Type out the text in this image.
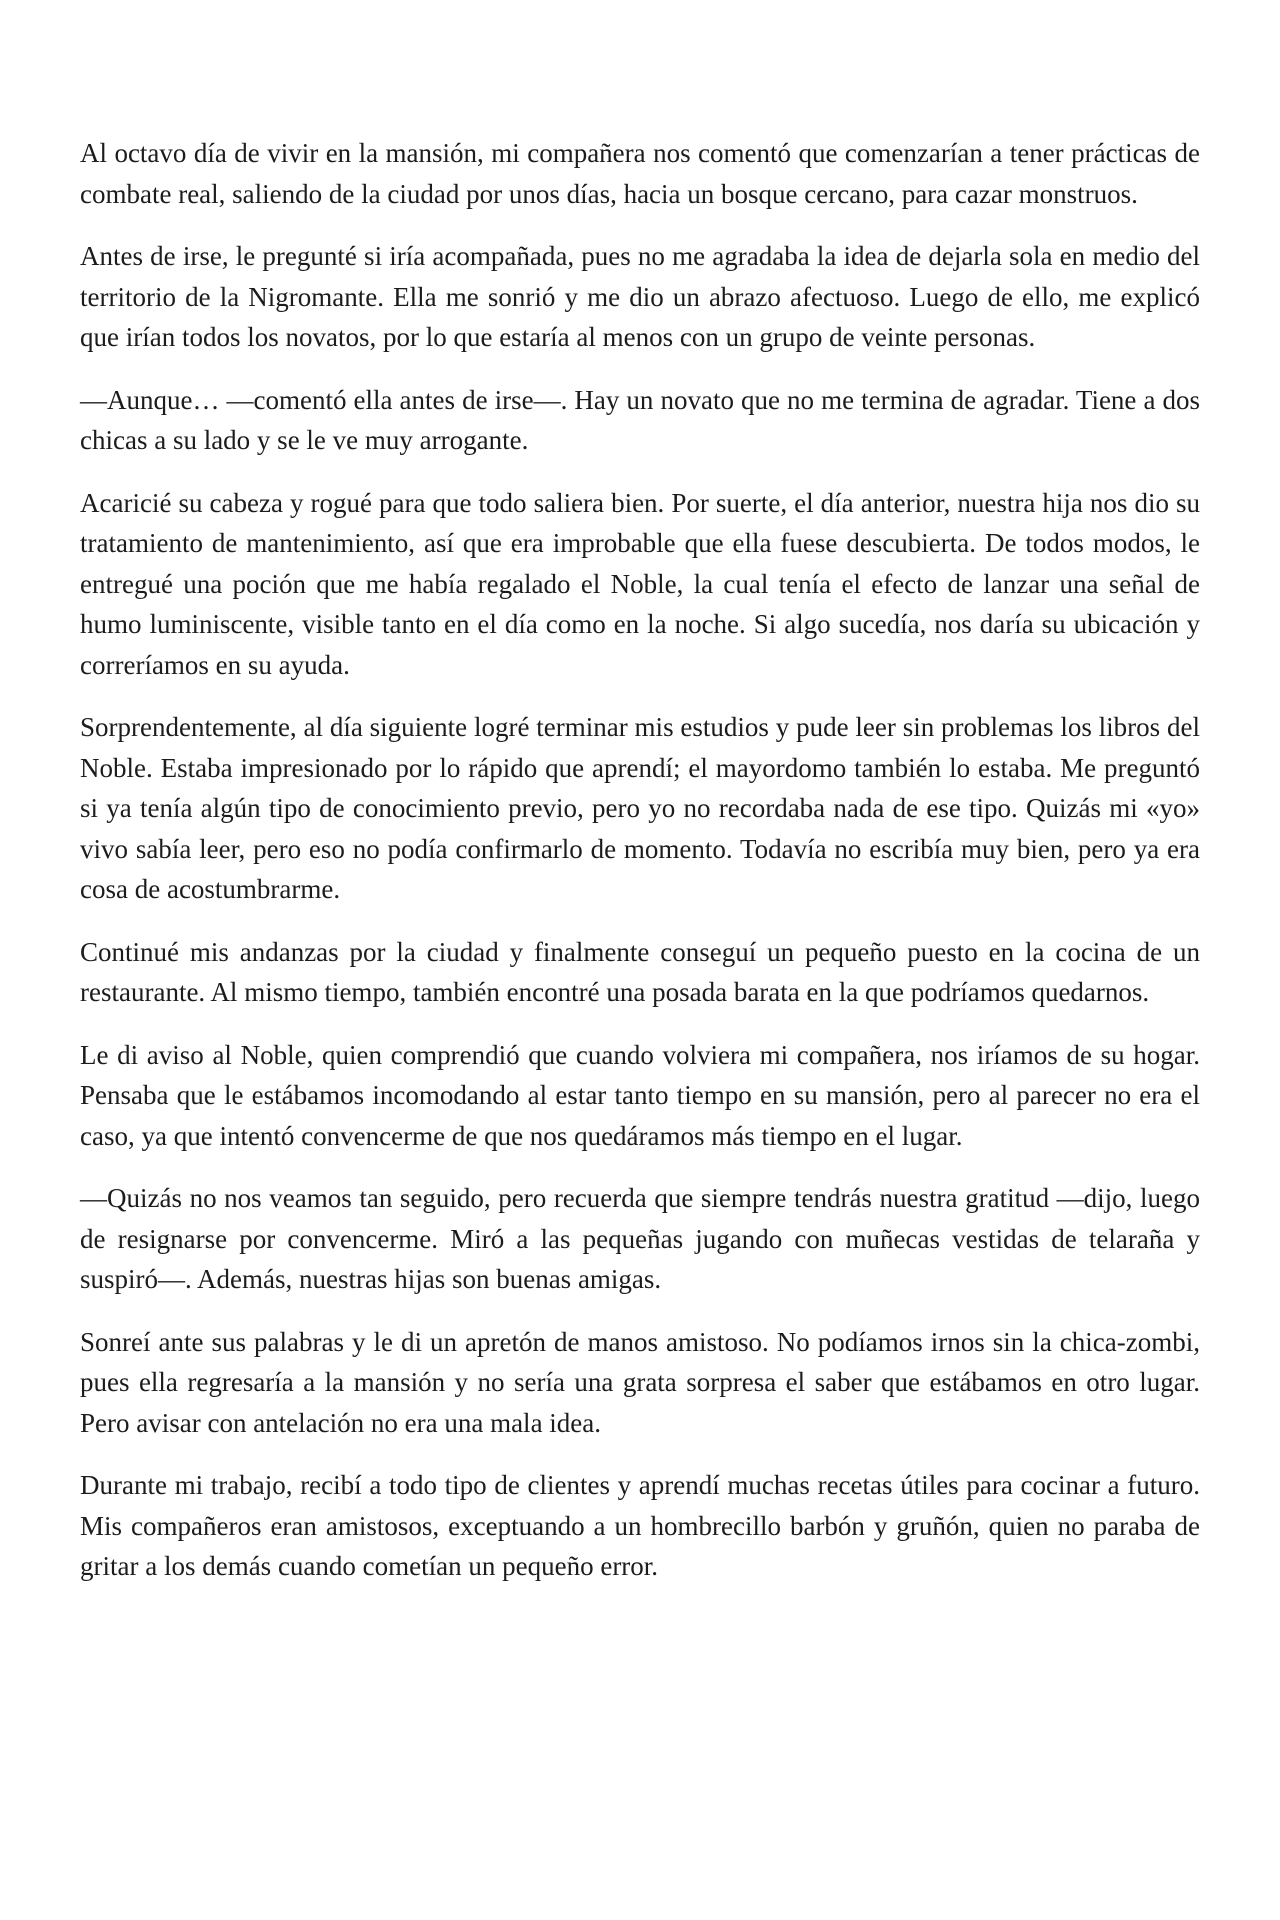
Al octavo día de vivir en la mansión, mi compañera nos comentó que comenzarían a tener prácticas de combate real, saliendo de la ciudad por unos días, hacia un bosque cercano, para cazar monstruos.

Antes de irse, le pregunté si iría acompañada, pues no me agradaba la idea de dejarla sola en medio del territorio de la Nigromante. Ella me sonrió y me dio un abrazo afectuoso. Luego de ello, me explicó que irían todos los novatos, por lo que estaría al menos con un grupo de veinte personas.

—Aunque… —comentó ella antes de irse—. Hay un novato que no me termina de agradar. Tiene a dos chicas a su lado y se le ve muy arrogante.

Acaricié su cabeza y rogué para que todo saliera bien. Por suerte, el día anterior, nuestra hija nos dio su tratamiento de mantenimiento, así que era improbable que ella fuese descubierta. De todos modos, le entregué una poción que me había regalado el Noble, la cual tenía el efecto de lanzar una señal de humo luminiscente, visible tanto en el día como en la noche. Si algo sucedía, nos daría su ubicación y correríamos en su ayuda.

Sorprendentemente, al día siguiente logré terminar mis estudios y pude leer sin problemas los libros del Noble. Estaba impresionado por lo rápido que aprendí; el mayordomo también lo estaba. Me preguntó si ya tenía algún tipo de conocimiento previo, pero yo no recordaba nada de ese tipo. Quizás mi «yo» vivo sabía leer, pero eso no podía confirmarlo de momento. Todavía no escribía muy bien, pero ya era cosa de acostumbrarme.

Continué mis andanzas por la ciudad y finalmente conseguí un pequeño puesto en la cocina de un restaurante. Al mismo tiempo, también encontré una posada barata en la que podríamos quedarnos.

Le di aviso al Noble, quien comprendió que cuando volviera mi compañera, nos iríamos de su hogar. Pensaba que le estábamos incomodando al estar tanto tiempo en su mansión, pero al parecer no era el caso, ya que intentó convencerme de que nos quedáramos más tiempo en el lugar.

—Quizás no nos veamos tan seguido, pero recuerda que siempre tendrás nuestra gratitud —dijo, luego de resignarse por convencerme. Miró a las pequeñas jugando con muñecas vestidas de telaraña y suspiró—. Además, nuestras hijas son buenas amigas.

Sonreí ante sus palabras y le di un apretón de manos amistoso. No podíamos irnos sin la chica-zombi, pues ella regresaría a la mansión y no sería una grata sorpresa el saber que estábamos en otro lugar. Pero avisar con antelación no era una mala idea.

Durante mi trabajo, recibí a todo tipo de clientes y aprendí muchas recetas útiles para cocinar a futuro. Mis compañeros eran amistosos, exceptuando a un hombrecillo barbón y gruñón, quien no paraba de gritar a los demás cuando cometían un pequeño error.
